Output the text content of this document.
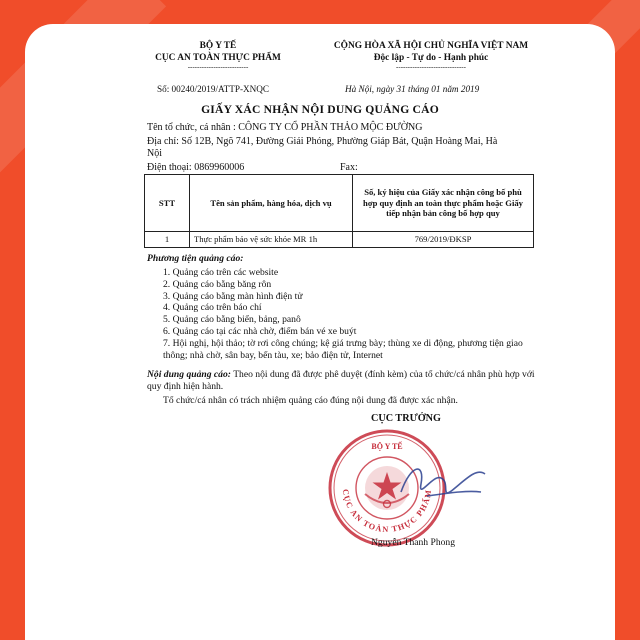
BỘ Y TẾ
CỤC AN TOÀN THỰC PHẨM
--------------------------
CỘNG HÒA XÃ HỘI CHỦ NGHĨA VIỆT NAM
Độc lập - Tự do - Hạnh phúc
------------------------------
Số: 00240/2019/ATTP-XNQC	Hà Nội, ngày 31 tháng 01 năm 2019
GIẤY XÁC NHẬN NỘI DUNG QUẢNG CÁO
Tên tổ chức, cá nhân : CÔNG TY CỔ PHẦN THẢO MỘC ĐƯỜNG
Địa chỉ: Số 12B, Ngõ 741, Đường Giải Phóng, Phường Giáp Bát, Quận Hoàng Mai, Hà Nội
Điện thoại: 0869960006	Fax:
STT	Tên sản phẩm, hàng hóa, dịch vụ	Số, ký hiệu của Giấy xác nhận công bố phù hợp quy định an toàn thực phẩm hoặc Giấy tiếp nhận bản công bố hợp quy
1	Thực phẩm bảo vệ sức khỏe MR 1h	769/2019/ĐKSP
Phương tiện quảng cáo:
1. Quảng cáo trên các website
2. Quảng cáo bằng băng rôn
3. Quảng cáo bằng màn hình điện tử
4. Quảng cáo trên báo chí
5. Quảng cáo bằng biển, bảng, panô
6. Quảng cáo tại các nhà chờ, điểm bán vé xe buýt
7. Hội nghị, hội thảo; tờ rơi công chúng; kệ giá trưng bày; thùng xe di động, phương tiện giao thông; nhà chờ, sân bay, bến tàu, xe; bảo điện tử, Internet
Nội dung quảng cáo: Theo nội dung đã được phê duyệt (đính kèm) của tổ chức/cá nhân phù hợp với quy định hiện hành.
Tổ chức/cá nhân có trách nhiệm quảng cáo đúng nội dung đã được xác nhận.
CỤC TRƯỞNG
BỘ Y TẾ
CỤC AN TOÀN THỰC PHẨM
Nguyễn Thanh Phong
